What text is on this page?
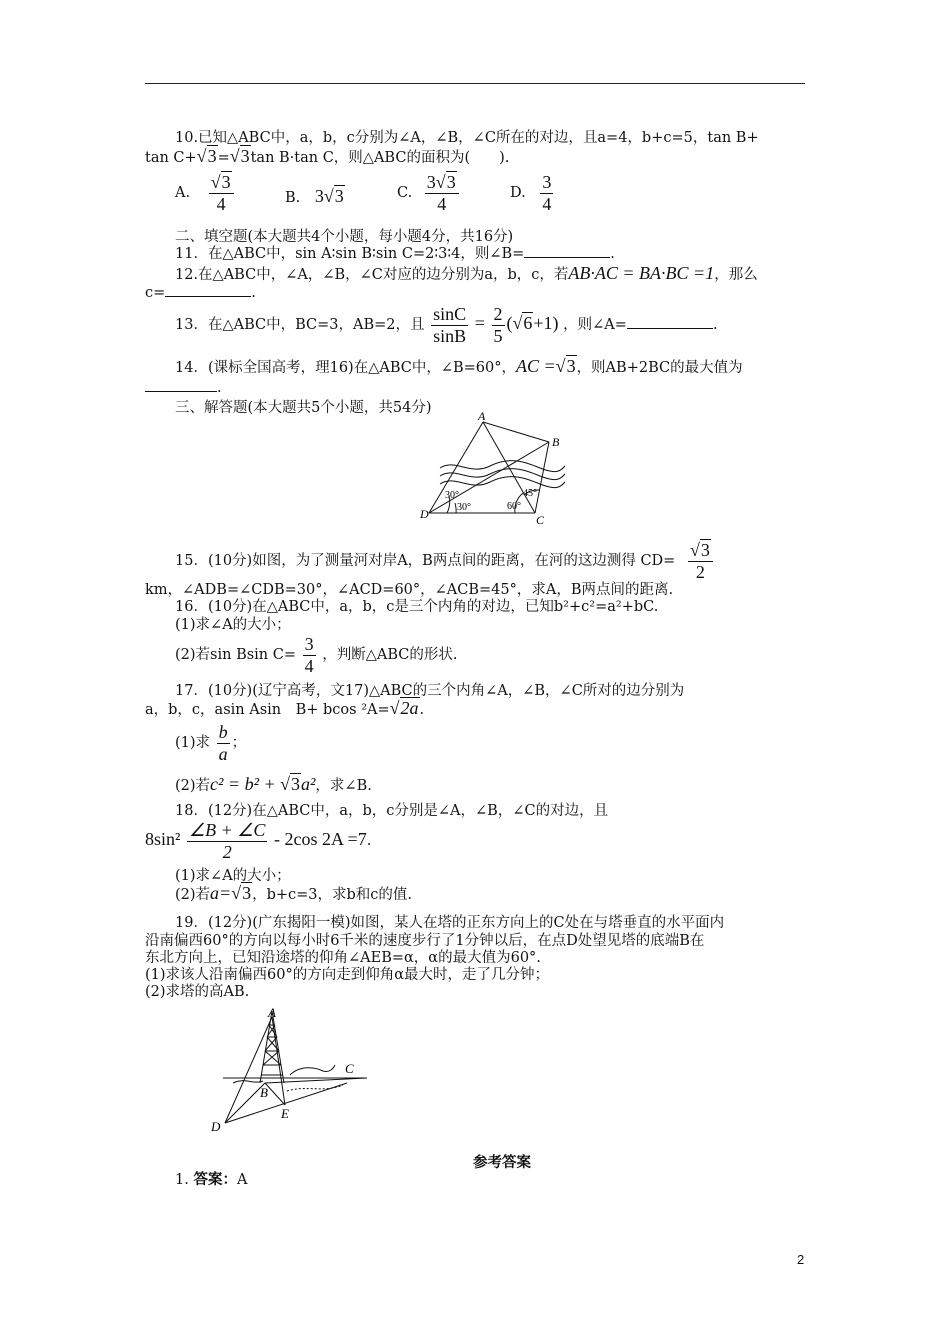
10.已知△ABC中，a，b，c分别为∠A，∠B，∠C所在的对边，且a=4，b+c=5，tan B+
tan C+√3=√3tan B·tan C，则△ABC的面积为(　　).
A. $\frac{√3}{4}$	B. 3√3	C. $\frac{3√3}{4}$	D. $\frac{3}{4}$
二、填空题(本大题共4个小题，每小题4分，共16分)
11．在△ABC中，sin A∶sin B∶sin C=2∶3∶4，则∠B=	.
12.在△ABC中，∠A，∠B，∠C对应的边分别为a，b，c，若AB·AC = BA·BC =1，那么
c=	.
13．在△ABC中，BC=3，AB=2，且 $\frac{\sin C}{\sin B} = \frac{2}{5} (√6+1)$ ，则∠A=	.
14．(课标全国高考，理16)在△ABC中，∠B=60°，AC =√3，则AB+2BC的最大值为
.
三、解答题(本大题共5个小题，共54分)	A
B
C
D
30°
30°	60°
45°
15．(10分)如图，为了测量河对岸A，B两点间的距离，在河的这边测得 $CD= \frac{√3}{2}$
km，∠ADB=∠CDB=30°，∠ACD=60°，∠ACB=45°，求A，B两点间的距离.
16．(10分)在△ABC中，a，b，c是三个内角的对边，已知b²+c²=a²+bC.
(1)求∠A的大小；
(2)若sin Bsin $C= \frac{3}{4}$ ，判断△ABC的形状.
17．(10分)(辽宁高考，文17)△ABC的三个内角∠A，∠B，∠C所对的边分别为
a，b，c，asin Asin　B+ bcos ²A=√2a.
(1)求 $\frac{b}{a}$ ；
(2)若c² = b² + √3a²，求∠B.
18．(12分)在△ABC中，a，b，c分别是∠A，∠B，∠C的对边，且
$8\sin^2 \frac{\angle B + \angle C}{2} - 2\cos$ 2A =7.
(1)求∠A的大小；
(2)若a=√3，b+c=3，求b和c的值.
19．(12分)(广东揭阳一模)如图，某人在塔的正东方向上的C处在与塔垂直的水平面内
沿南偏西60°的方向以每小时6千米的速度步行了1分钟以后，在点D处望见塔的底端B在
东北方向上，已知沿途塔的仰角∠AEB=α，α的最大值为60°.
(1)求该人沿南偏西60°的方向走到仰角α最大时，走了几分钟；
(2)求塔的高AB.
A
B
C
D
E
参考答案
1. 答案：A
2
